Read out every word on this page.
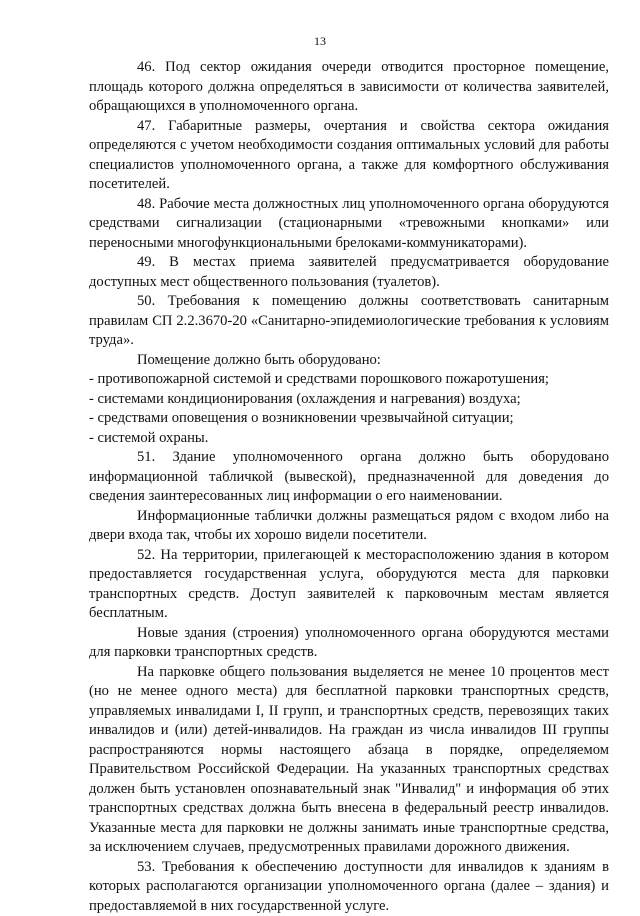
13

46. Под сектор ожидания очереди отводится просторное помещение, площадь которого должна определяться в зависимости от количества заявителей, обращающихся в уполномоченного органа.

47. Габаритные размеры, очертания и свойства сектора ожидания определяются с учетом необходимости создания оптимальных условий для работы специалистов уполномоченного органа, а также для комфортного обслуживания посетителей.

48. Рабочие места должностных лиц уполномоченного органа оборудуются средствами сигнализации (стационарными «тревожными кнопками» или переносными многофункциональными брелоками-коммуникаторами).

49. В местах приема заявителей предусматривается оборудование доступных мест общественного пользования (туалетов).

50. Требования к помещению должны соответствовать санитарным правилам СП 2.2.3670-20 «Санитарно-эпидемиологические требования к условиям труда».

Помещение должно быть оборудовано:

- противопожарной системой и средствами порошкового пожаротушения;

- системами кондиционирования (охлаждения и нагревания) воздуха;

- средствами оповещения о возникновении чрезвычайной ситуации;

- системой охраны.

51. Здание уполномоченного органа должно быть оборудовано информационной табличкой (вывеской), предназначенной для доведения до сведения заинтересованных лиц информации о его наименовании.

Информационные таблички должны размещаться рядом с входом либо на двери входа так, чтобы их хорошо видели посетители.

52. На территории, прилегающей к месторасположению здания в котором предоставляется государственная услуга, оборудуются места для парковки транспортных средств. Доступ заявителей к парковочным местам является бесплатным.

Новые здания (строения) уполномоченного органа оборудуются местами для парковки транспортных средств.

На парковке общего пользования выделяется не менее 10 процентов мест (но не менее одного места) для бесплатной парковки транспортных средств, управляемых инвалидами I, II групп, и транспортных средств, перевозящих таких инвалидов и (или) детей-инвалидов. На граждан из числа инвалидов III группы распространяются нормы настоящего абзаца в порядке, определяемом Правительством Российской Федерации. На указанных транспортных средствах должен быть установлен опознавательный знак "Инвалид" и информация об этих транспортных средствах должна быть внесена в федеральный реестр инвалидов. Указанные места для парковки не должны занимать иные транспортные средства, за исключением случаев, предусмотренных правилами дорожного движения.

53. Требования к обеспечению доступности для инвалидов к зданиям в которых располагаются организации уполномоченного органа (далее – здания) и предоставляемой в них государственной услуге.
